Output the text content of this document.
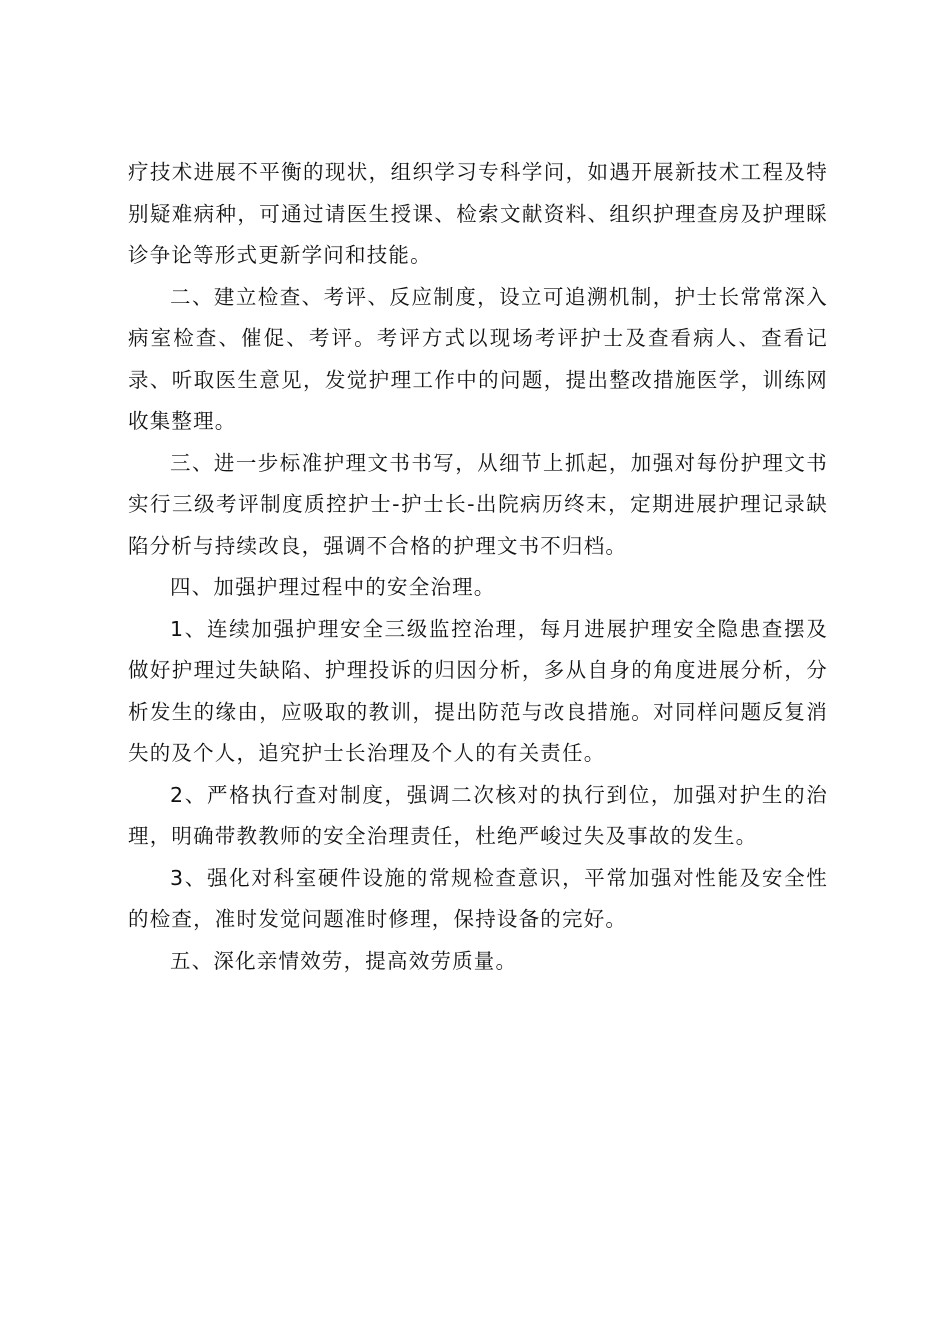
疗技术进展不平衡的现状，组织学习专科学问，如遇开展新技术工程及特别疑难病种，可通过请医生授课、检索文献资料、组织护理查房及护理睬诊争论等形式更新学问和技能。

二、建立检查、考评、反应制度，设立可追溯机制，护士长常常深入病室检查、催促、考评。考评方式以现场考评护士及查看病人、查看记录、听取医生意见，发觉护理工作中的问题，提出整改措施医学，训练网收集整理。

三、进一步标准护理文书书写，从细节上抓起，加强对每份护理文书实行三级考评制度质控护士-护士长-出院病历终末，定期进展护理记录缺陷分析与持续改良，强调不合格的护理文书不归档。

四、加强护理过程中的安全治理。

1、连续加强护理安全三级监控治理，每月进展护理安全隐患查摆及做好护理过失缺陷、护理投诉的归因分析，多从自身的角度进展分析，分析发生的缘由，应吸取的教训，提出防范与改良措施。对同样问题反复消失的及个人，追究护士长治理及个人的有关责任。

2、严格执行查对制度，强调二次核对的执行到位，加强对护生的治理，明确带教教师的安全治理责任，杜绝严峻过失及事故的发生。

3、强化对科室硬件设施的常规检查意识，平常加强对性能及安全性的检查，准时发觉问题准时修理，保持设备的完好。

五、深化亲情效劳，提高效劳质量。
